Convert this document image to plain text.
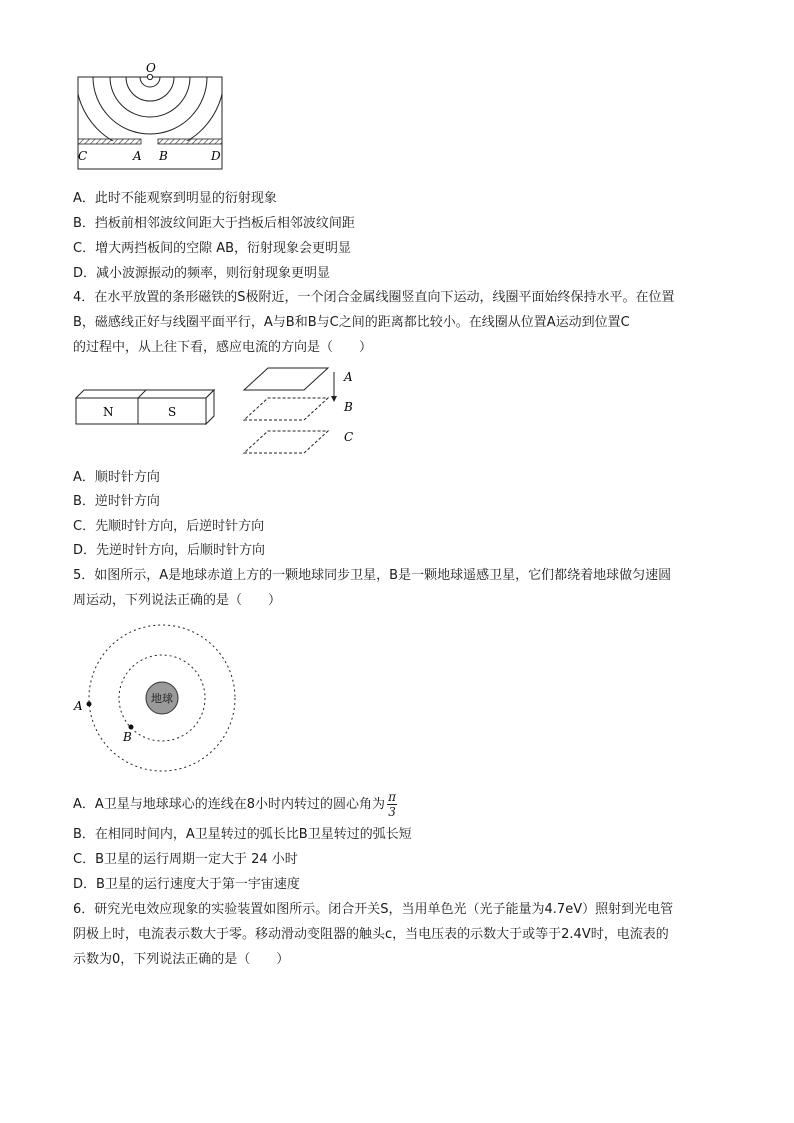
O
C	A B	D
A．此时不能观察到明显的衍射现象
B．挡板前相邻波纹间距大于挡板后相邻波纹间距
C．增大两挡板间的空隙 AB，衍射现象会更明显
D．减小波源振动的频率，则衍射现象更明显
4．在水平放置的条形磁铁的S极附近，一个闭合金属线圈竖直向下运动，线圈平面始终保持水平。在位置
B，磁感线正好与线圈平面平行，A与B和B与C之间的距离都比较小。在线圈从位置A运动到位置C
的过程中，从上往下看，感应电流的方向是（　　）
N	S
A
B
C
A．顺时针方向
B．逆时针方向
C．先顺时针方向，后逆时针方向
D．先逆时针方向，后顺时针方向
5．如图所示，A是地球赤道上方的一颗地球同步卫星，B是一颗地球遥感卫星，它们都绕着地球做匀速圆
周运动，下列说法正确的是（　　）
地球
A
B
A．A卫星与地球球心的连线在8小时内转过的圆心角为 $\frac{\pi}{3}$
B．在相同时间内，A卫星转过的弧长比B卫星转过的弧长短
C．B卫星的运行周期一定大于 24 小时
D．B卫星的运行速度大于第一宇宙速度
6．研究光电效应现象的实验装置如图所示。闭合开关S，当用单色光（光子能量为4.7eV）照射到光电管
阴极上时，电流表示数大于零。移动滑动变阻器的触头c，当电压表的示数大于或等于2.4V时，电流表的
示数为0，下列说法正确的是（　　）
